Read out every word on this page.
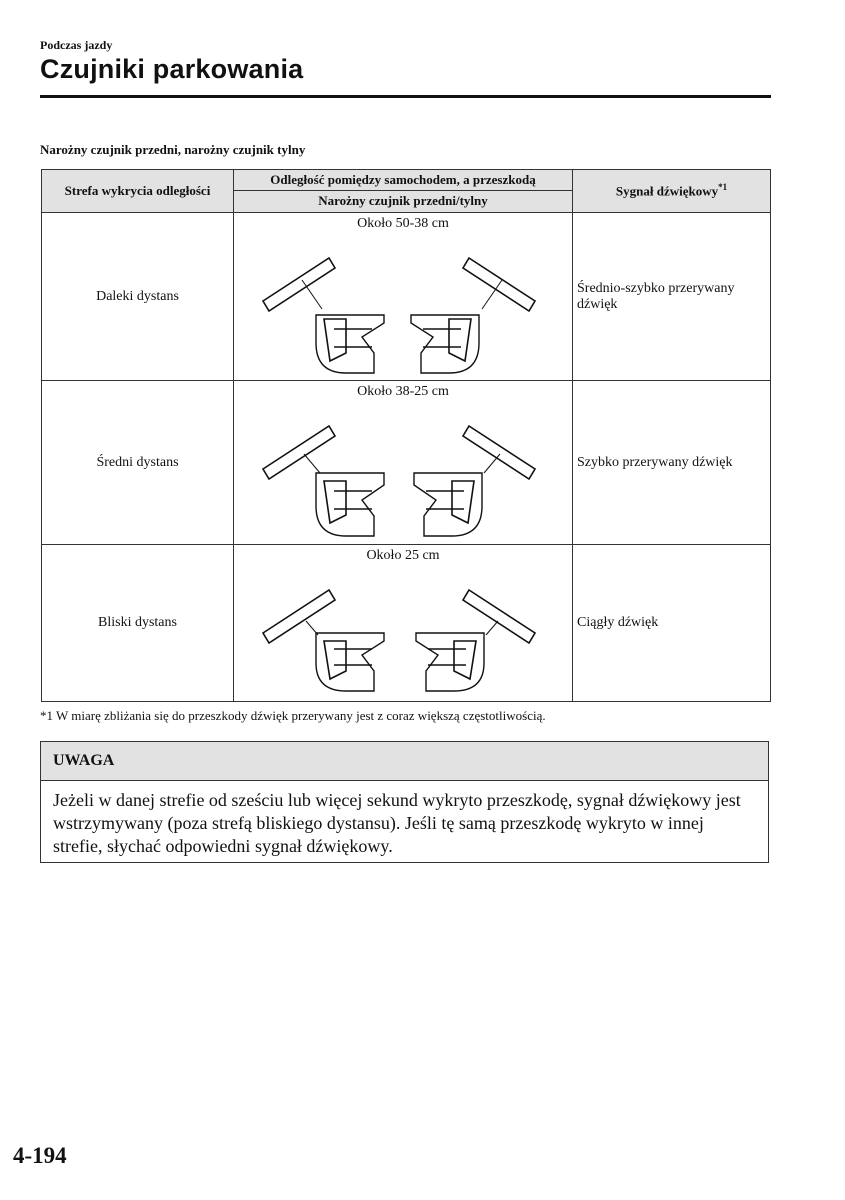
Podczas jazdy
Czujniki parkowania
Narożny czujnik przedni, narożny czujnik tylny
Strefa wykrycia odległości	Odległość pomiędzy samochodem, a przeszkodą	Sygnał dźwiękowy$^{*1}$
	Narożny czujnik przedni/tylny	
Daleki dystans	Około 50-38 cm	Średnio-szybko przerywany dźwięk
Średni dystans	Około 38-25 cm	Szybko przerywany dźwięk
Bliski dystans	Około 25 cm	Ciągły dźwięk
*1 W miarę zbliżania się do przeszkody dźwięk przerywany jest z coraz większą częstotliwością.
UWAGA
Jeżeli w danej strefie od sześciu lub więcej sekund wykryto przeszkodę, sygnał dźwiękowy jest wstrzymywany (poza strefą bliskiego dystansu). Jeśli tę samą przeszkodę wykryto w innej strefie, słychać odpowiedni sygnał dźwiękowy.
4-194
